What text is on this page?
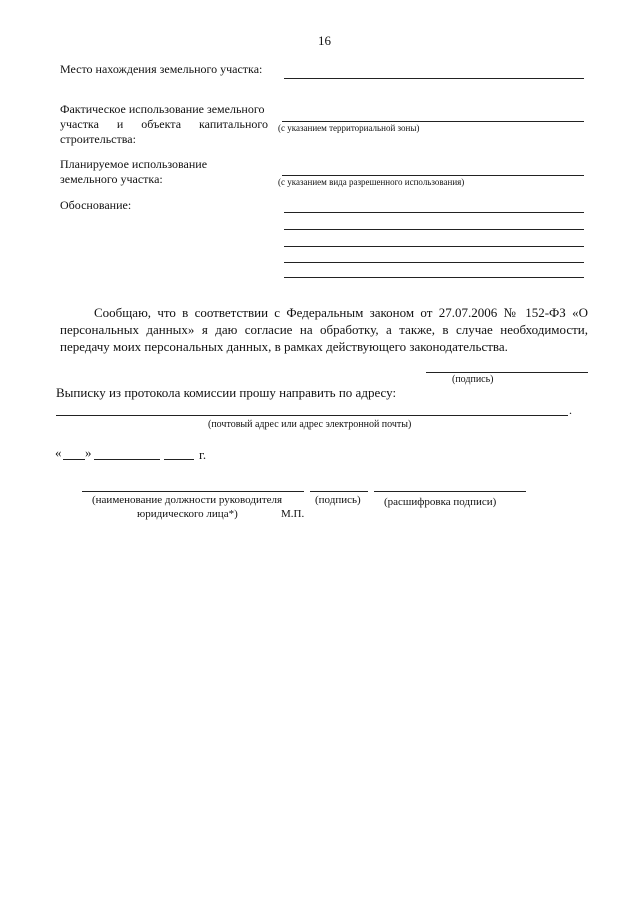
16
Место нахождения земельного участка:
Фактическое использование земельного
участка и объекта капитального
строительства:
(с указанием территориальной зоны)
Планируемое использование
земельного участка:	(с указанием вида разрешенного использования)
Обоснование:
Сообщаю, что в соответствии с Федеральным законом от 27.07.2006 № 152-ФЗ «О персональных данных» я даю согласие на обработку, а также, в случае необходимости, передачу моих персональных данных, в рамках действующего законодательства.
(подпись)
Выписку из протокола комиссии прошу направить по адресу:
.
(почтовый адрес или адрес электронной почты)
« »	г.
(наименование должности руководителя
юридического лица*)
(подпись)
М.П.
(расшифровка подписи)
